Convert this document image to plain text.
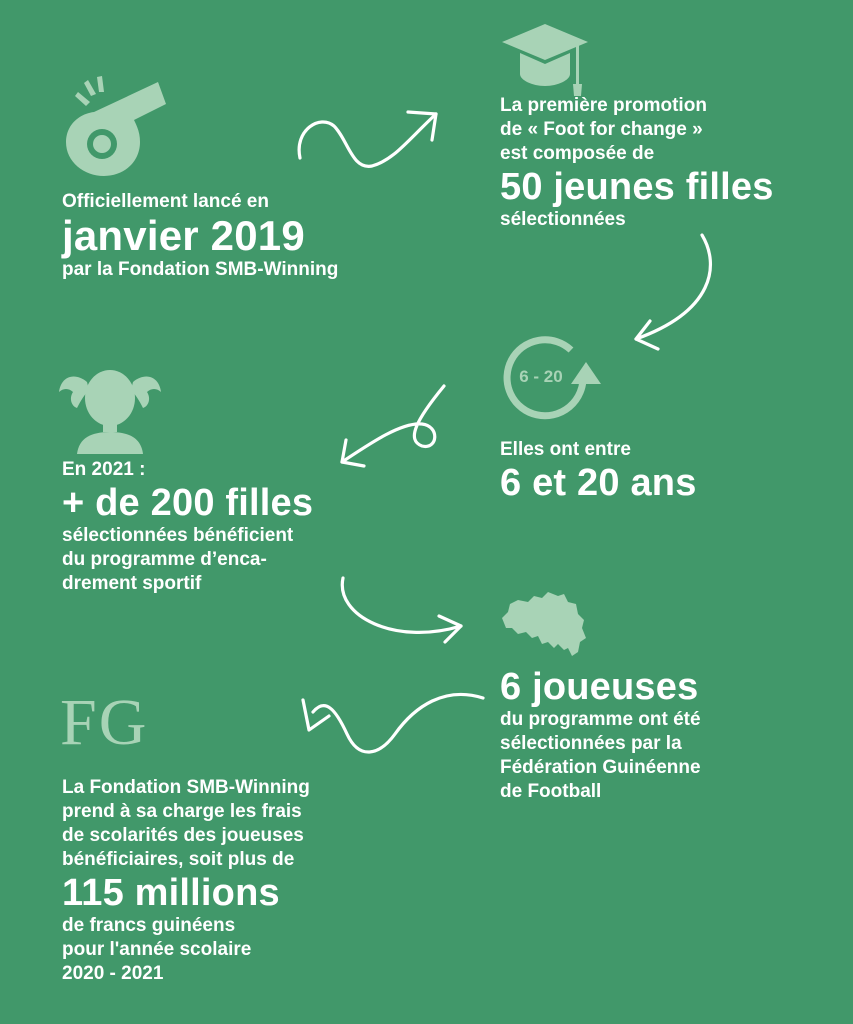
6 - 20
FG
Officiellement lancé en
janvier 2019
par la Fondation SMB-Winning
La première promotion
de « Foot for change »
est composée de
50 jeunes filles
sélectionnées
Elles ont entre
6 et 20 ans
En 2021 :
+ de 200 filles
sélectionnées bénéficient
du programme d’enca-
drement sportif
6 joueuses
du programme ont été
sélectionnées par la
Fédération Guinéenne
de Football
La Fondation SMB-Winning
prend à sa charge les frais
de scolarités des joueuses
bénéficiaires, soit plus de
115 millions
de francs guinéens
pour l'année scolaire
2020 - 2021
